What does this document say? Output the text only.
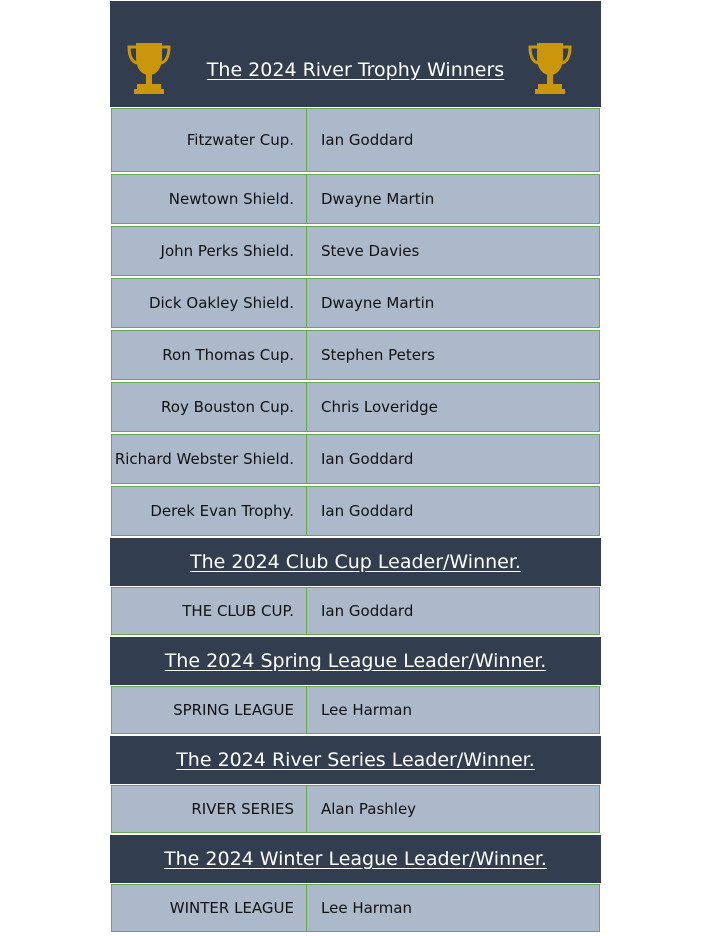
The 2024 River Trophy Winners
Fitzwater Cup.	Ian Goddard
Newtown Shield.	Dwayne Martin
John Perks Shield.	Steve Davies
Dick Oakley Shield.	Dwayne Martin
Ron Thomas Cup.	Stephen Peters
Roy Bouston Cup.	Chris Loveridge
Richard Webster Shield.	Ian Goddard
Derek Evan Trophy.	Ian Goddard
The 2024 Club Cup Leader/Winner.
THE CLUB CUP.	Ian Goddard
The 2024 Spring League Leader/Winner.
SPRING LEAGUE	Lee Harman
The 2024 River Series Leader/Winner.
RIVER SERIES	Alan Pashley
The 2024 Winter League Leader/Winner.
WINTER LEAGUE	Lee Harman
